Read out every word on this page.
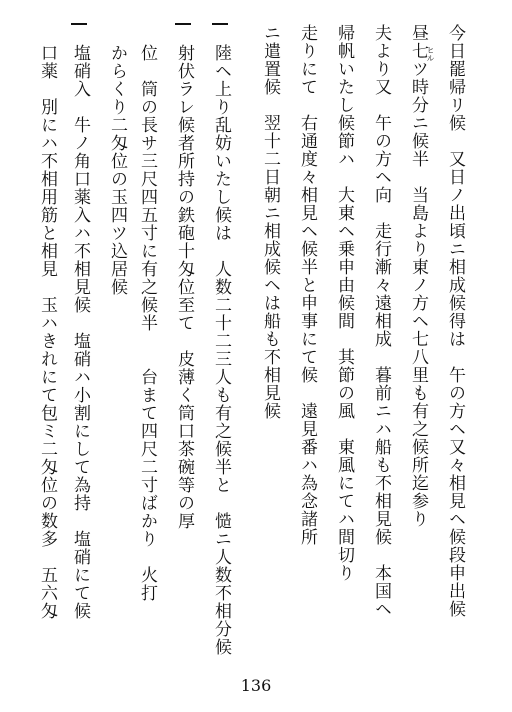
今日罷帰リ候　又日ノ出頃ニ相成候得は　午の方ヘ又々相見ヘ候段申出候
昼七ツ時分ニ候半　当島より東ノ方ヘ七八里も有之候所迄参り
ヒル
夫より又　午の方ヘ向　走行漸々遠相成　暮前ニハ船も不相見候　本国ヘ
帰帆いたし候節ハ　大東ヘ乗申由候間　其節の風　東風にてハ間切り
走りにて　右通度々相見ヘ候半と申事にて候　遠見番ハ為念諸所
ニ遣置候　翌十二日朝ニ相成候ヘは船も不相見候
陸ヘ上り乱妨いたし候は　人数二十二三人も有之候半と　慥ニ人数不相分候
射伏ラレ候者所持の鉄砲十匁位至て　皮薄く筒口茶碗等の厚
位　筒の長サ三尺四五寸に有之候半　　台まて四尺二寸ばかり　火打
からくり二匁位の玉四ツ込居候
塩硝入　牛ノ角口薬入ハ不相見候　塩硝ハ小割にして為持　塩硝にて候
口薬　別にハ不相用筋と相見　玉ハきれにて包ミ二匁位の数多　五六匁
136
